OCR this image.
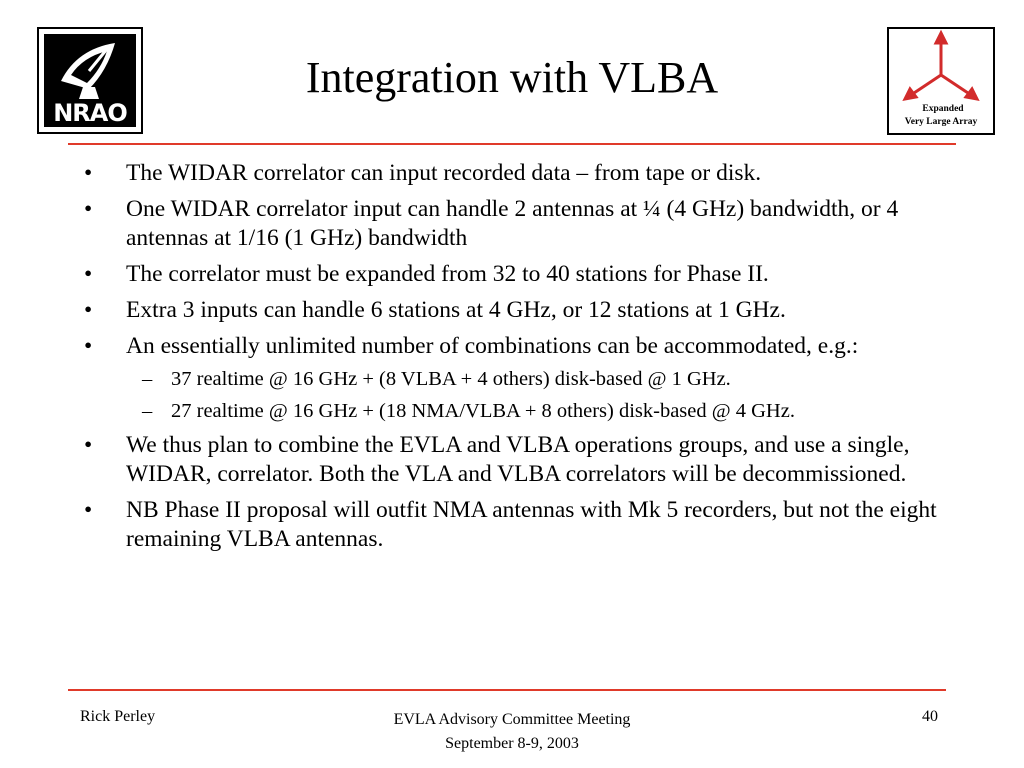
NRAO
Integration with VLBA
Expanded
Very Large Array
• The WIDAR correlator can input recorded data – from tape or disk.
• One WIDAR correlator input can handle 2 antennas at ¼ (4 GHz) bandwidth, or 4 antennas at 1/16 (1 GHz) bandwidth
• The correlator must be expanded from 32 to 40 stations for Phase II.
• Extra 3 inputs can handle 6 stations at 4 GHz, or 12 stations at 1 GHz.
• An essentially unlimited number of combinations can be accommodated, e.g.:
– 37 realtime @ 16 GHz + (8 VLBA + 4 others) disk-based @ 1 GHz.
– 27 realtime @ 16 GHz + (18 NMA/VLBA + 8 others) disk-based @ 4 GHz.
• We thus plan to combine the EVLA and VLBA operations groups, and use a single, WIDAR, correlator. Both the VLA and VLBA correlators will be decommissioned.
• NB Phase II proposal will outfit NMA antennas with Mk 5 recorders, but not the eight remaining VLBA antennas.
Rick Perley	EVLA Advisory Committee Meeting
September 8-9, 2003
40
